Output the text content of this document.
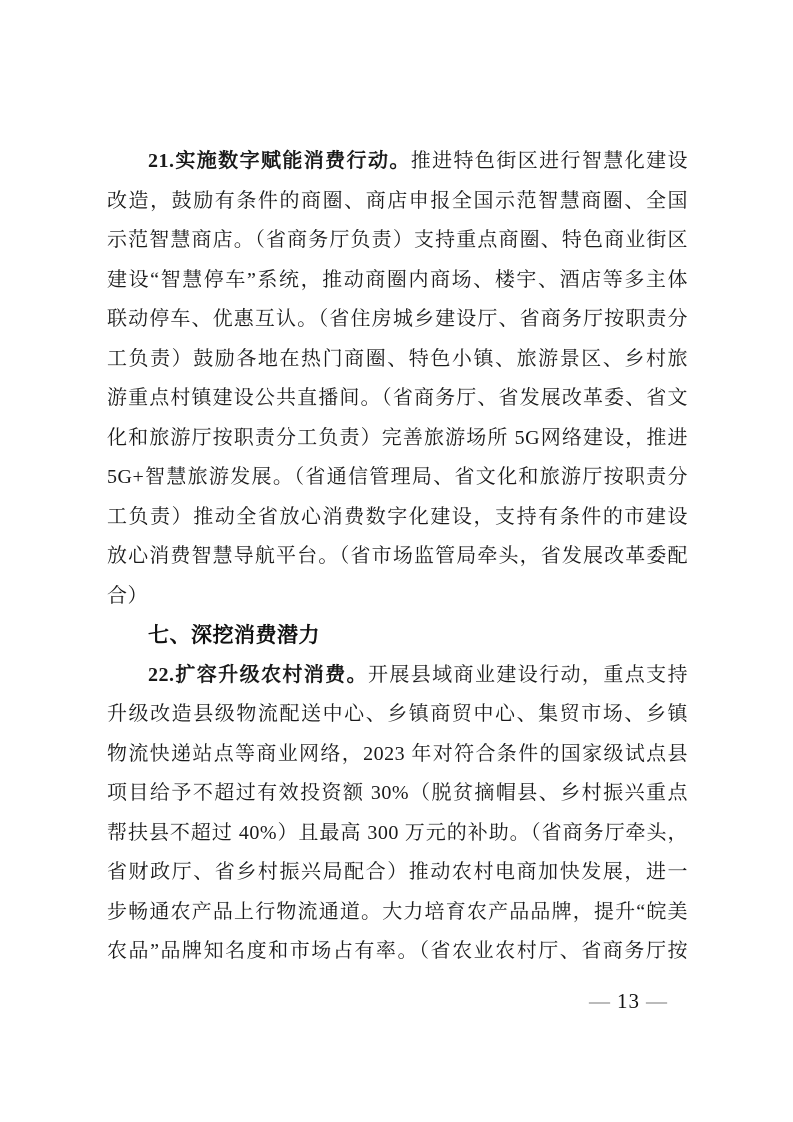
21.实施数字赋能消费行动。推进特色街区进行智慧化建设
改造，鼓励有条件的商圈、商店申报全国示范智慧商圈、全国
示范智慧商店。（省商务厅负责）支持重点商圈、特色商业街区
建设“智慧停车”系统，推动商圈内商场、楼宇、酒店等多主体
联动停车、优惠互认。（省住房城乡建设厅、省商务厅按职责分
工负责）鼓励各地在热门商圈、特色小镇、旅游景区、乡村旅
游重点村镇建设公共直播间。（省商务厅、省发展改革委、省文
化和旅游厅按职责分工负责）完善旅游场所 5G网络建设，推进
5G+智慧旅游发展。（省通信管理局、省文化和旅游厅按职责分
工负责）推动全省放心消费数字化建设，支持有条件的市建设
放心消费智慧导航平台。（省市场监管局牵头，省发展改革委配
合）
七、深挖消费潜力
22.扩容升级农村消费。开展县域商业建设行动，重点支持
升级改造县级物流配送中心、乡镇商贸中心、集贸市场、乡镇
物流快递站点等商业网络，2023 年对符合条件的国家级试点县
项目给予不超过有效投资额 30%（脱贫摘帽县、乡村振兴重点
帮扶县不超过 40%）且最高 300 万元的补助。（省商务厅牵头，
省财政厅、省乡村振兴局配合）推动农村电商加快发展，进一
步畅通农产品上行物流通道。大力培育农产品品牌，提升“皖美
农品”品牌知名度和市场占有率。（省农业农村厅、省商务厅按
— 13 —
